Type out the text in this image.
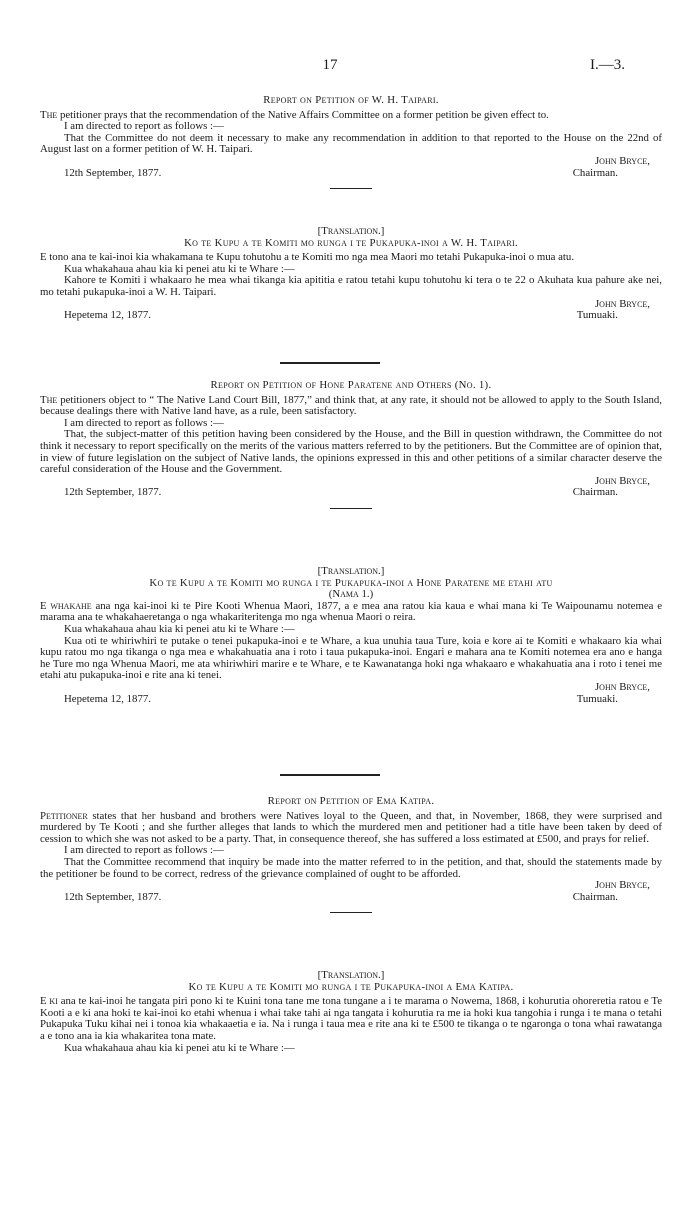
17	I.—3.
Report on Petition of W. H. Taipari.

The petitioner prays that the recommendation of the Native Affairs Committee on a former petition be given effect to.

I am directed to report as follows :—

That the Committee do not deem it necessary to make any recommendation in addition to that reported to the House on the 22nd of August last on a former petition of W. H. Taipari.

John Bryce,
12th September, 1877.	Chairman.
[Translation.]
Ko te Kupu a te Komiti mo runga i te Pukapuka-inoi a W. H. Taipari.

E tono ana te kai-inoi kia whakamana te Kupu tohutohu a te Komiti mo nga mea Maori mo tetahi Pukapuka-inoi o mua atu.

Kua whakahaua ahau kia ki penei atu ki te Whare :—

Kahore te Komiti i whakaaro he mea whai tikanga kia apititia e ratou tetahi kupu tohutohu ki tera o te 22 o Akuhata kua pahure ake nei, mo tetahi pukapuka-inoi a W. H. Taipari.

John Bryce,
Hepetema 12, 1877.	Tumuaki.
Report on Petition of Hone Paratene and Others (No. 1).

The petitioners object to “ The Native Land Court Bill, 1877,” and think that, at any rate, it should not be allowed to apply to the South Island, because dealings there with Native land have, as a rule, been satisfactory.

I am directed to report as follows :—

That, the subject-matter of this petition having been considered by the House, and the Bill in question withdrawn, the Committee do not think it necessary to report specifically on the merits of the various matters referred to by the petitioners. But the Committee are of opinion that, in view of future legislation on the subject of Native lands, the opinions expressed in this and other petitions of a similar character deserve the careful consideration of the House and the Government.

John Bryce,
12th September, 1877.	Chairman.
[Translation.]
Ko te Kupu a te Komiti mo runga i te Pukapuka-inoi a Hone Paratene me etahi atu
(Nama 1.)

E whakahe ana nga kai-inoi ki te Pire Kooti Whenua Maori, 1877, a e mea ana ratou kia kaua e whai mana ki Te Waipounamu notemea e marama ana te whakahaeretanga o nga whakariteritenga mo nga whenua Maori o reira.

Kua whakahaua ahau kia ki penei atu ki te Whare :—

Kua oti te whiriwhiri te putake o tenei pukapuka-inoi e te Whare, a kua unuhia taua Ture, koia e kore ai te Komiti e whakaaro kia whai kupu ratou mo nga tikanga o nga mea e whakahuatia ana i roto i taua pukapuka-inoi. Engari e mahara ana te Komiti notemea era ano e hanga he Ture mo nga Whenua Maori, me ata whiriwhiri marire e te Whare, e te Kawanatanga hoki nga whakaaro e whakahuatia ana i roto i tenei me etahi atu pukapuka-inoi e rite ana ki tenei.

John Bryce,
Hepetema 12, 1877.	Tumuaki.
Report on Petition of Ema Katipa.

Petitioner states that her husband and brothers were Natives loyal to the Queen, and that, in November, 1868, they were surprised and murdered by Te Kooti ; and she further alleges that lands to which the murdered men and petitioner had a title have been taken by deed of cession to which she was not asked to be a party. That, in consequence thereof, she has suffered a loss estimated at £500, and prays for relief.

I am directed to report as follows :—

That the Committee recommend that inquiry be made into the matter referred to in the petition, and that, should the statements made by the petitioner be found to be correct, redress of the grievance complained of ought to be afforded.

John Bryce,
12th September, 1877.	Chairman.
[Translation.]
Ko te Kupu a te Komiti mo runga i te Pukapuka-inoi a Ema Katipa.

E ki ana te kai-inoi he tangata piri pono ki te Kuini tona tane me tona tungane a i te marama o Nowema, 1868, i kohurutia ohoreretia ratou e Te Kooti a e ki ana hoki te kai-inoi ko etahi whenua i whai take tahi ai nga tangata i kohurutia ra me ia hoki kua tangohia i runga i te mana o tetahi Pukapuka Tuku kihai nei i tonoa kia whakaaetia e ia. Na i runga i taua mea e rite ana ki te £500 te tikanga o te ngaronga o tona whai rawatanga a e tono ana ia kia whakaritea tona mate.

Kua whakahaua ahau kia ki penei atu ki te Whare :—
